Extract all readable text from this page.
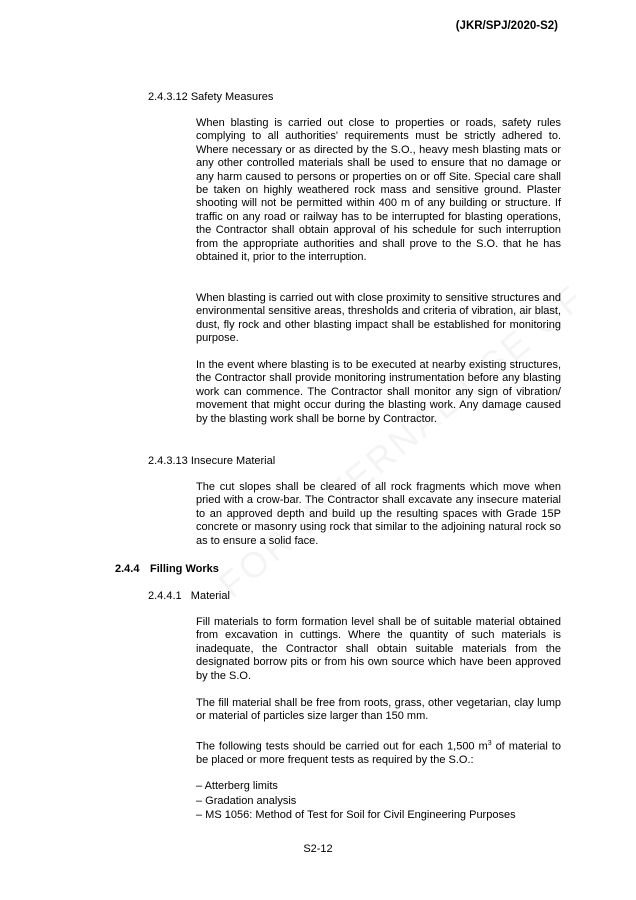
(JKR/SPJ/2020-S2)
2.4.3.12 Safety Measures

When blasting is carried out close to properties or roads, safety rules complying to all authorities' requirements must be strictly adhered to. Where necessary or as directed by the S.O., heavy mesh blasting mats or any other controlled materials shall be used to ensure that no damage or any harm caused to persons or properties on or off Site. Special care shall be taken on highly weathered rock mass and sensitive ground. Plaster shooting will not be permitted within 400 m of any building or structure. If traffic on any road or railway has to be interrupted for blasting operations, the Contractor shall obtain approval of his schedule for such interruption from the appropriate authorities and shall prove to the S.O. that he has obtained it, prior to the interruption.

When blasting is carried out with close proximity to sensitive structures and environmental sensitive areas, thresholds and criteria of vibration, air blast, dust, fly rock and other blasting impact shall be established for monitoring purpose.

In the event where blasting is to be executed at nearby existing structures, the Contractor shall provide monitoring instrumentation before any blasting work can commence. The Contractor shall monitor any sign of vibration/ movement that might occur during the blasting work. Any damage caused by the blasting work shall be borne by Contractor.

2.4.3.13 Insecure Material

The cut slopes shall be cleared of all rock fragments which move when pried with a crow-bar. The Contractor shall excavate any insecure material to an approved depth and build up the resulting spaces with Grade 15P concrete or masonry using rock that similar to the adjoining natural rock so as to ensure a solid face.

2.4.4 Filling Works
2.4.4.1   Material

Fill materials to form formation level shall be of suitable material obtained from excavation in cuttings. Where the quantity of such materials is inadequate, the Contractor shall obtain suitable materials from the designated borrow pits or from his own source which have been approved by the S.O.

The fill material shall be free from roots, grass, other vegetarian, clay lump or material of particles size larger than 150 mm.

The following tests should be carried out for each 1,500 $m^3$ of material to be placed or more frequent tests as required by the S.O.:

– Atterberg limits
– Gradation analysis
– MS 1056: Method of Test for Soil for Civil Engineering Purposes
S2-12
